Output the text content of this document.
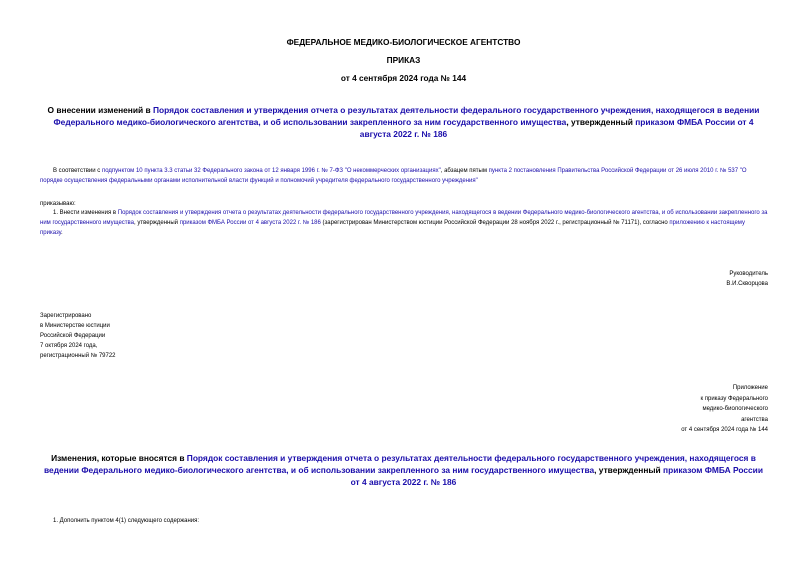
ФЕДЕРАЛЬНОЕ МЕДИКО-БИОЛОГИЧЕСКОЕ АГЕНТСТВО
ПРИКАЗ
от 4 сентября 2024 года № 144
О внесении изменений в Порядок составления и утверждения отчета о результатах деятельности федерального государственного учреждения, находящегося в ведении Федерального медико-биологического агентства, и об использовании закрепленного за ним государственного имущества, утвержденный приказом ФМБА России от 4 августа 2022 г. № 186
В соответствии с подпунктом 10 пункта 3.3 статьи 32 Федерального закона от 12 января 1996 г. № 7-ФЗ "О некоммерческих организациях", абзацем пятым пункта 2 постановления Правительства Российской Федерации от 26 июля 2010 г. № 537 "О порядке осуществления федеральными органами исполнительной власти функций и полномочий учредителя федерального государственного учреждения"
приказываю:
1. Внести изменения в Порядок составления и утверждения отчета о результатах деятельности федерального государственного учреждения, находящегося в ведении Федерального медико-биологического агентства, и об использовании закрепленного за ним государственного имущества, утвержденный приказом ФМБА России от 4 августа 2022 г. № 186 (зарегистрирован Министерством юстиции Российской Федерации 28 ноября 2022 г., регистрационный № 71171), согласно приложению к настоящему приказу.
Руководитель
В.И.Скворцова
Зарегистрировано
в Министерстве юстиции
Российской Федерации
7 октября 2024 года,
регистрационный № 79722
Приложение
к приказу Федерального
медико-биологического
агентства
от 4 сентября 2024 года № 144
Изменения, которые вносятся в Порядок составления и утверждения отчета о результатах деятельности федерального государственного учреждения, находящегося в ведении Федерального медико-биологического агентства, и об использовании закрепленного за ним государственного имущества, утвержденный приказом ФМБА России от 4 августа 2022 г. № 186
1. Дополнить пунктом 4(1) следующего содержания:
